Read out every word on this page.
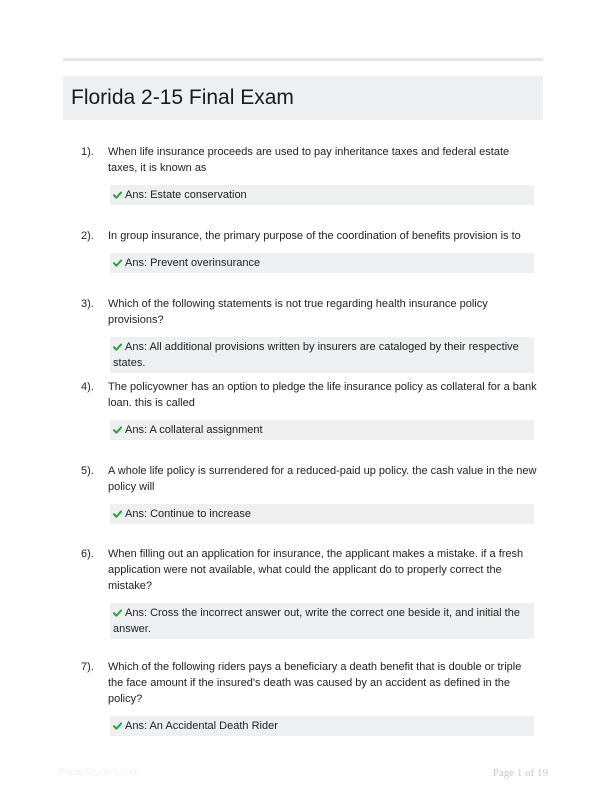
Florida 2-15 Final Exam
1). When life insurance proceeds are used to pay inheritance taxes and federal estate taxes, it is known as
Ans: Estate conservation
2). In group insurance, the primary purpose of the coordination of benefits provision is to
Ans: Prevent overinsurance
3). Which of the following statements is not true regarding health insurance policy provisions?
Ans: All additional provisions written by insurers are cataloged by their respective states.
4). The policyowner has an option to pledge the life insurance policy as collateral for a bank loan. this is called
Ans: A collateral assignment
5). A whole life policy is surrendered for a reduced-paid up policy. the cash value in the new policy will
Ans: Continue to increase
6). When filling out an application for insurance, the applicant makes a mistake. if a fresh application were not available, what could the applicant do to properly correct the mistake?
Ans: Cross the incorrect answer out, write the correct one beside it, and initial the answer.
7). Which of the following riders pays a beneficiary a death benefit that is double or triple the face amount if the insured's death was caused by an accident as defined in the policy?
Ans: An Accidental Death Rider
PaperStudies.com	Page 1 of 19
